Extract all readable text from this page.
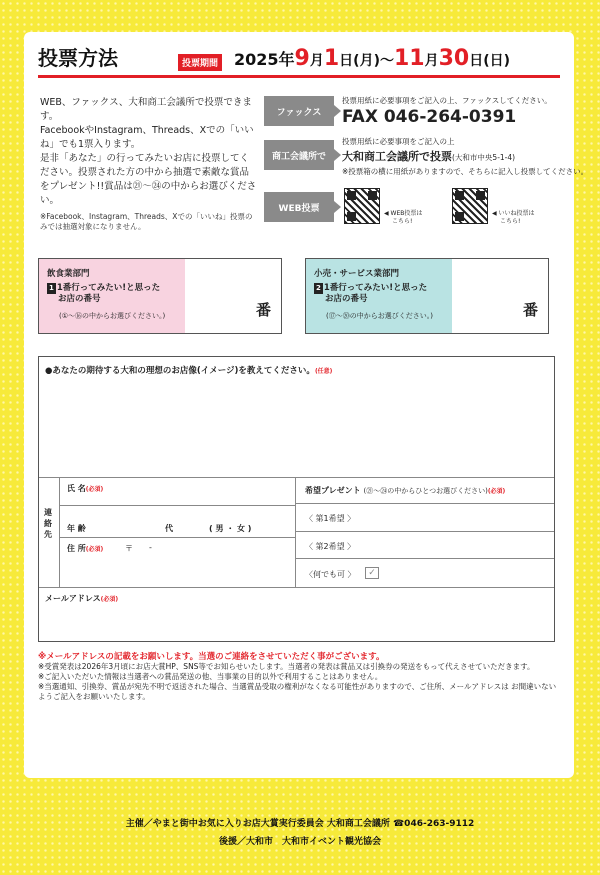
投票方法	投票期間 2025年9月1日(月)〜11月30日(日)

WEB、ファックス、大和商工会議所で投票できます。

FacebookやInstagram、Threads、Xでの「いいね」でも1票入ります。

是非「あなた」の行ってみたいお店に投票してください。投票された方の中から抽選で素敵な賞品をプレゼント!!賞品は㉑〜㉔の中からお選びください。

※Facebook、Instagram、Threads、Xでの「いいね」投票のみでは抽選対象になりません。

ファックス
投票用紙に必要事項をご記入の上、ファックスしてください。
FAX 046-264-0391
商工会議所で
投票用紙に必要事項をご記入の上
大和商工会議所で投票(大和市中央5-1-4)
※投票箱の横に用紙がありますので、そちらに記入し投票してください。
WEB投票	◀ WEB投票は
こちら!
◀ いいね投票は
こちら!
飲食業部門
1 1番行ってみたい!と思った
お店の番号
(①〜⑯の中からお選びください。)	番
小売・サービス業部門
2 1番行ってみたい!と思った
お店の番号
(⑰〜⑳の中からお選びください。)	番
●あなたの期待する大和の理想のお店像(イメージ)を教えてください。(任意)
連絡先
氏 名(必須)
年 齢	代	( 男 ・ 女 )
住 所(必須)	〒 -
希望プレゼント (㉑〜㉔の中からひとつお選びください)(必須)
〈 第1希望 〉
〈 第2希望 〉
〈何でも可 〉	✓
メールアドレス(必須)

※メールアドレスの記載をお願いします。当選のご連絡をさせていただく事がございます。

※受賞発表は2026年3月頃にお店大賞HP、SNS等でお知らせいたします。当選者の発表は賞品又は引換券の発送をもって代えさせていただきます。

※ご記入いただいた情報は当選者への賞品発送の他、当事業の目的以外で利用することはありません。

※当選通知、引換券、賞品が宛先不明で返送された場合、当選賞品受取の権利がなくなる可能性がありますので、ご住所、メールアドレスは お間違いないようご記入をお願いいたします。

主催／やまと街中お気に入りお店大賞実行委員会 大和商工会議所 ☎046-263-9112
後援／大和市　大和市イベント観光協会
